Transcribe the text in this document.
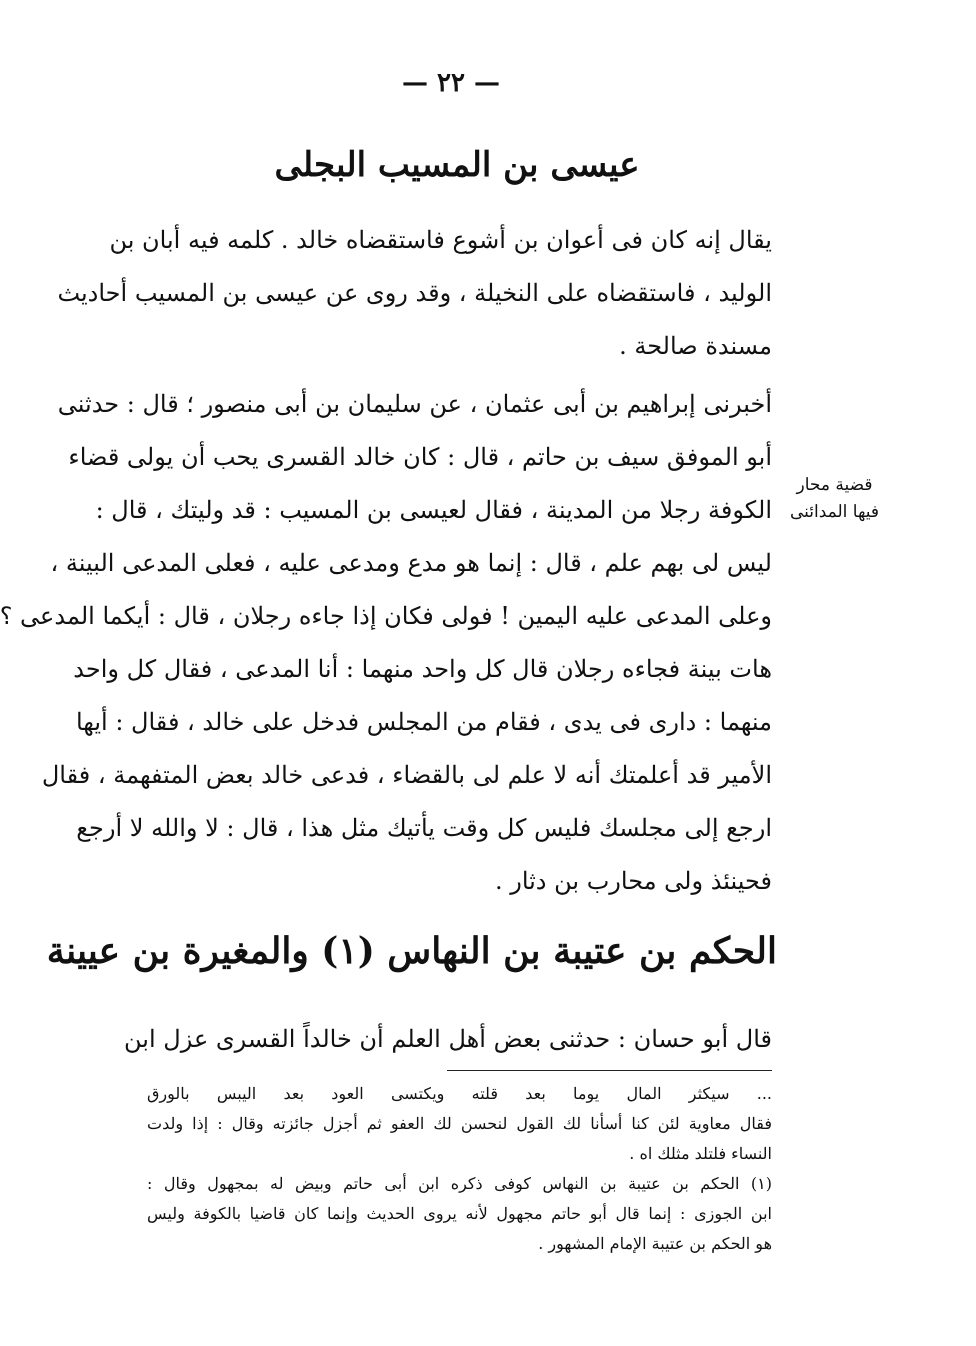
— ٢٢ —
عيسى بن المسيب البجلى
يقال إنه كان فى أعوان بن أشوع فاستقضاه خالد . كلمه فيه أبان بن
الوليد ، فاستقضاه على النخيلة ، وقد روى عن عيسى بن المسيب أحاديث
مسندة صالحة .
أخبرنى إبراهيم بن أبى عثمان ، عن سليمان بن أبى منصور ؛ قال : حدثنى
أبو الموفق سيف بن حاتم ، قال : كان خالد القسرى يحب أن يولى قضاء
الكوفة رجلا من المدينة ، فقال لعيسى بن المسيب : قد وليتك ، قال :
ليس لى بهم علم ، قال : إنما هو مدع ومدعى عليه ، فعلى المدعى البينة ،
وعلى المدعى عليه اليمين ! فولى فكان إذا جاءه رجلان ، قال : أيكما المدعى ؟
هات بينة فجاءه رجلان قال كل واحد منهما : أنا المدعى ، فقال كل واحد
منهما : دارى فى يدى ، فقام من المجلس فدخل على خالد ، فقال : أيها
الأمير قد أعلمتك أنه لا علم لى بالقضاء ، فدعى خالد بعض المتفهمة ، فقال
ارجع إلى مجلسك فليس كل وقت يأتيك مثل هذا ، قال : لا والله لا أرجع
فحينئذ ولى محارب بن دثار .
قضية محار
فيها المدائنى
الحكم بن عتيبة بن النهاس (١) والمغيرة بن عيينة
قال أبو حسان : حدثنى بعض أهل العلم أن خالداً القسرى عزل ابن
... سيكثر المال يوما بعد قلته ويكتسى العود بعد اليبس بالورق
فقال معاوية لئن كنا أسأنا لك القول لنحسن لك العفو ثم أجزل جائزته وقال : إذا ولدت
النساء فلتلد مثلك اه .
(١) الحكم بن عتيبة بن النهاس كوفى ذكره ابن أبى حاتم وبيض له بمجهول وقال :
ابن الجوزى : إنما قال أبو حاتم مجهول لأنه يروى الحديث وإنما كان قاضيا بالكوفة وليس
هو الحكم بن عتيبة الإمام المشهور .
